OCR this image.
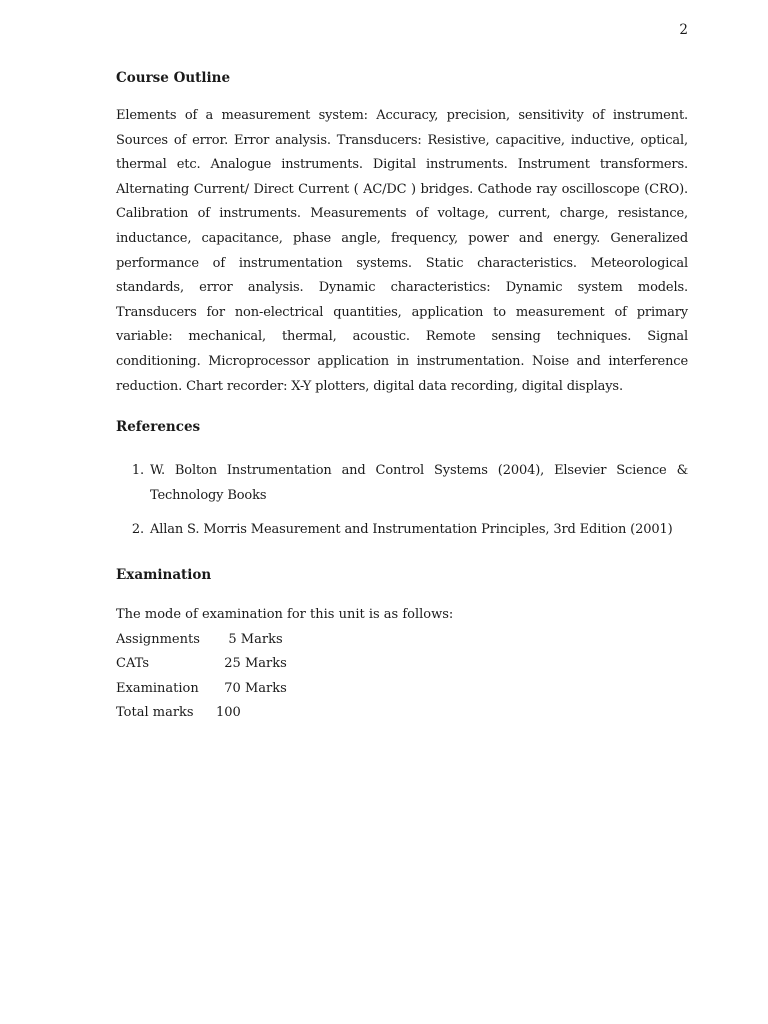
2
Course Outline

Elements of a measurement system: Accuracy, precision, sensitivity of instrument. Sources of error. Error analysis. Transducers: Resistive, capacitive, inductive, optical, thermal etc. Analogue instruments. Digital instruments. Instrument transformers. Alternating Current/ Direct Current ( AC/DC ) bridges. Cathode ray oscilloscope (CRO). Calibration of instruments. Measurements of voltage, current, charge, resistance, inductance, capacitance, phase angle, frequency, power and energy. Generalized performance of instrumentation systems. Static characteristics. Meteorological standards, error analysis. Dynamic characteristics: Dynamic system models. Transducers for non-electrical quantities, application to measurement of primary variable: mechanical, thermal, acoustic. Remote sensing techniques. Signal conditioning. Microprocessor application in instrumentation. Noise and interference reduction. Chart recorder: X-Y plotters, digital data recording, digital displays.

References
1. W. Bolton Instrumentation and Control Systems (2004), Elsevier Science & Technology Books
2. Allan S. Morris Measurement and Instrumentation Principles, 3rd Edition (2001)
Examination

The mode of examination for this unit is as follows:

Assignments	5 Marks
CATs	25 Marks
Examination	70 Marks
Total marks	100
